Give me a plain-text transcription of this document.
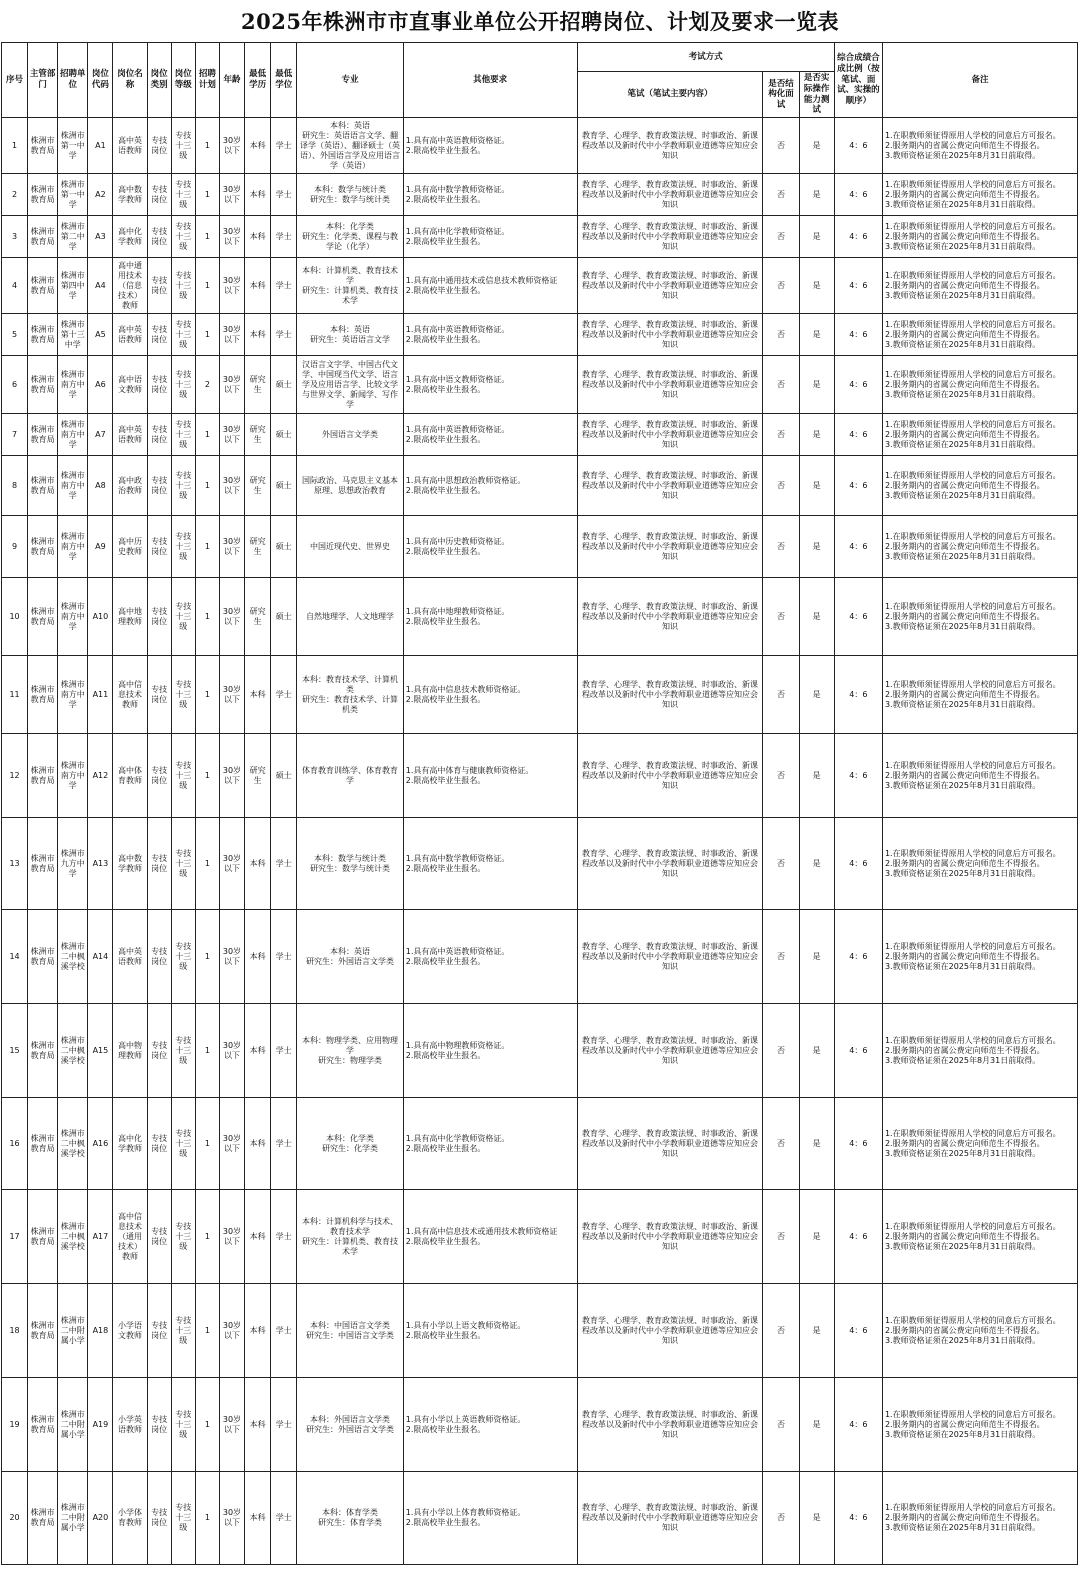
2025年株洲市市直事业单位公开招聘岗位、计划及要求一览表
序号	主管部门	招聘单位	岗位代码	岗位名称	岗位类别	岗位等级	招聘计划	年龄	最低学历	最低学位	专业	其他要求	考试方式			综合成绩合成比例（按笔试、面试、实操的顺序）	备注
													笔试（笔试主要内容）	是否结构化面试	是否实际操作能力测试		
1	株洲市教育局	株洲市第一中学	A1	高中英语教师	专技岗位	专技十三级	1	30岁以下	本科	学士	本科：英语
研究生：英语语言文学、翻译学（英语）、翻译硕士（英语）、外国语言学及应用语言学（英语）	1.具有高中英语教师资格证。
2.限高校毕业生报名。	教育学、心理学、教育政策法规、时事政治、新课程改革以及新时代中小学教师职业道德等应知应会知识	否	是	4：6	1.在职教师须征得原用人学校的同意后方可报名。
2.服务期内的省属公费定向师范生不得报名。
3.教师资格证须在2025年8月31日前取得。
2	株洲市教育局	株洲市第一中学	A2	高中数学教师	专技岗位	专技十三级	1	30岁以下	本科	学士	本科：数学与统计类
研究生：数学与统计类	1.具有高中数学教师资格证。
2.限高校毕业生报名。	教育学、心理学、教育政策法规、时事政治、新课程改革以及新时代中小学教师职业道德等应知应会知识	否	是	4：6	1.在职教师须征得原用人学校的同意后方可报名。
2.服务期内的省属公费定向师范生不得报名。
3.教师资格证须在2025年8月31日前取得。
3	株洲市教育局	株洲市第二中学	A3	高中化学教师	专技岗位	专技十三级	1	30岁以下	本科	学士	本科：化学类
研究生：化学类、课程与教学论（化学）	1.具有高中化学教师资格证。
2.限高校毕业生报名。	教育学、心理学、教育政策法规、时事政治、新课程改革以及新时代中小学教师职业道德等应知应会知识	否	是	4：6	1.在职教师须征得原用人学校的同意后方可报名。
2.服务期内的省属公费定向师范生不得报名。
3.教师资格证须在2025年8月31日前取得。
4	株洲市教育局	株洲市第四中学	A4	高中通用技术（信息技术）教师	专技岗位	专技十三级	1	30岁以下	本科	学士	本科：计算机类、教育技术学
研究生：计算机类、教育技术学	1.具有高中通用技术或信息技术教师资格证
2.限高校毕业生报名。	教育学、心理学、教育政策法规、时事政治、新课程改革以及新时代中小学教师职业道德等应知应会知识	否	是	4：6	1.在职教师须征得原用人学校的同意后方可报名。
2.服务期内的省属公费定向师范生不得报名。
3.教师资格证须在2025年8月31日前取得。
5	株洲市教育局	株洲市第十三中学	A5	高中英语教师	专技岗位	专技十三级	1	30岁以下	本科	学士	本科：英语
研究生：英语语言文学	1.具有高中英语教师资格证。
2.限高校毕业生报名。	教育学、心理学、教育政策法规、时事政治、新课程改革以及新时代中小学教师职业道德等应知应会知识	否	是	4：6	1.在职教师须征得原用人学校的同意后方可报名。
2.服务期内的省属公费定向师范生不得报名。
3.教师资格证须在2025年8月31日前取得。
6	株洲市教育局	株洲市南方中学	A6	高中语文教师	专技岗位	专技十三级	2	30岁以下	研究生	硕士	汉语言文字学、中国古代文学、中国现当代文学、语言学及应用语言学、比较文学与世界文学、新闻学、写作学	1.具有高中语文教师资格证。
2.限高校毕业生报名。	教育学、心理学、教育政策法规、时事政治、新课程改革以及新时代中小学教师职业道德等应知应会知识	否	是	4：6	1.在职教师须征得原用人学校的同意后方可报名。
2.服务期内的省属公费定向师范生不得报名。
3.教师资格证须在2025年8月31日前取得。
7	株洲市教育局	株洲市南方中学	A7	高中英语教师	专技岗位	专技十三级	1	30岁以下	研究生	硕士	外国语言文学类	1.具有高中英语教师资格证。
2.限高校毕业生报名。	教育学、心理学、教育政策法规、时事政治、新课程改革以及新时代中小学教师职业道德等应知应会知识	否	是	4：6	1.在职教师须征得原用人学校的同意后方可报名。
2.服务期内的省属公费定向师范生不得报名。
3.教师资格证须在2025年8月31日前取得。
8	株洲市教育局	株洲市南方中学	A8	高中政治教师	专技岗位	专技十三级	1	30岁以下	研究生	硕士	国际政治、马克思主义基本原理、思想政治教育	1.具有高中思想政治教师资格证。
2.限高校毕业生报名。	教育学、心理学、教育政策法规、时事政治、新课程改革以及新时代中小学教师职业道德等应知应会知识	否	是	4：6	1.在职教师须征得原用人学校的同意后方可报名。
2.服务期内的省属公费定向师范生不得报名。
3.教师资格证须在2025年8月31日前取得。
9	株洲市教育局	株洲市南方中学	A9	高中历史教师	专技岗位	专技十三级	1	30岁以下	研究生	硕士	中国近现代史、世界史	1.具有高中历史教师资格证。
2.限高校毕业生报名。	教育学、心理学、教育政策法规、时事政治、新课程改革以及新时代中小学教师职业道德等应知应会知识	否	是	4：6	1.在职教师须征得原用人学校的同意后方可报名。
2.服务期内的省属公费定向师范生不得报名。
3.教师资格证须在2025年8月31日前取得。
10	株洲市教育局	株洲市南方中学	A10	高中地理教师	专技岗位	专技十三级	1	30岁以下	研究生	硕士	自然地理学、人文地理学	1.具有高中地理教师资格证。
2.限高校毕业生报名。	教育学、心理学、教育政策法规、时事政治、新课程改革以及新时代中小学教师职业道德等应知应会知识	否	是	4：6	1.在职教师须征得原用人学校的同意后方可报名。
2.服务期内的省属公费定向师范生不得报名。
3.教师资格证须在2025年8月31日前取得。
11	株洲市教育局	株洲市南方中学	A11	高中信息技术教师	专技岗位	专技十三级	1	30岁以下	本科	学士	本科：教育技术学、计算机类
研究生：教育技术学、计算机类	1.具有高中信息技术教师资格证。
2.限高校毕业生报名。	教育学、心理学、教育政策法规、时事政治、新课程改革以及新时代中小学教师职业道德等应知应会知识	否	是	4：6	1.在职教师须征得原用人学校的同意后方可报名。
2.服务期内的省属公费定向师范生不得报名。
3.教师资格证须在2025年8月31日前取得。
12	株洲市教育局	株洲市南方中学	A12	高中体育教师	专技岗位	专技十三级	1	30岁以下	研究生	硕士	体育教育训练学、体育教育学	1.具有高中体育与健康教师资格证。
2.限高校毕业生报名。	教育学、心理学、教育政策法规、时事政治、新课程改革以及新时代中小学教师职业道德等应知应会知识	否	是	4：6	1.在职教师须征得原用人学校的同意后方可报名。
2.服务期内的省属公费定向师范生不得报名。
3.教师资格证须在2025年8月31日前取得。
13	株洲市教育局	株洲市九方中学	A13	高中数学教师	专技岗位	专技十三级	1	30岁以下	本科	学士	本科：数学与统计类
研究生：数学与统计类	1.具有高中数学教师资格证。
2.限高校毕业生报名。	教育学、心理学、教育政策法规、时事政治、新课程改革以及新时代中小学教师职业道德等应知应会知识	否	是	4：6	1.在职教师须征得原用人学校的同意后方可报名。
2.服务期内的省属公费定向师范生不得报名。
3.教师资格证须在2025年8月31日前取得。
14	株洲市教育局	株洲市二中枫溪学校	A14	高中英语教师	专技岗位	专技十三级	1	30岁以下	本科	学士	本科：英语
研究生：外国语言文学类	1.具有高中英语教师资格证。
2.限高校毕业生报名。	教育学、心理学、教育政策法规、时事政治、新课程改革以及新时代中小学教师职业道德等应知应会知识	否	是	4：6	1.在职教师须征得原用人学校的同意后方可报名。
2.服务期内的省属公费定向师范生不得报名。
3.教师资格证须在2025年8月31日前取得。
15	株洲市教育局	株洲市二中枫溪学校	A15	高中物理教师	专技岗位	专技十三级	1	30岁以下	本科	学士	本科：物理学类、应用物理学
研究生：物理学类	1.具有高中物理教师资格证。
2.限高校毕业生报名。	教育学、心理学、教育政策法规、时事政治、新课程改革以及新时代中小学教师职业道德等应知应会知识	否	是	4：6	1.在职教师须征得原用人学校的同意后方可报名。
2.服务期内的省属公费定向师范生不得报名。
3.教师资格证须在2025年8月31日前取得。
16	株洲市教育局	株洲市二中枫溪学校	A16	高中化学教师	专技岗位	专技十三级	1	30岁以下	本科	学士	本科：化学类
研究生：化学类	1.具有高中化学教师资格证。
2.限高校毕业生报名。	教育学、心理学、教育政策法规、时事政治、新课程改革以及新时代中小学教师职业道德等应知应会知识	否	是	4：6	1.在职教师须征得原用人学校的同意后方可报名。
2.服务期内的省属公费定向师范生不得报名。
3.教师资格证须在2025年8月31日前取得。
17	株洲市教育局	株洲市二中枫溪学校	A17	高中信息技术（通用技术）教师	专技岗位	专技十三级	1	30岁以下	本科	学士	本科：计算机科学与技术、教育技术学
研究生：计算机类、教育技术学	1.具有高中信息技术或通用技术教师资格证
2.限高校毕业生报名。	教育学、心理学、教育政策法规、时事政治、新课程改革以及新时代中小学教师职业道德等应知应会知识	否	是	4：6	1.在职教师须征得原用人学校的同意后方可报名。
2.服务期内的省属公费定向师范生不得报名。
3.教师资格证须在2025年8月31日前取得。
18	株洲市教育局	株洲市二中附属小学	A18	小学语文教师	专技岗位	专技十三级	1	30岁以下	本科	学士	本科：中国语言文学类
研究生：中国语言文学类	1.具有小学以上语文教师资格证。
2.限高校毕业生报名。	教育学、心理学、教育政策法规、时事政治、新课程改革以及新时代中小学教师职业道德等应知应会知识	否	是	4：6	1.在职教师须征得原用人学校的同意后方可报名。
2.服务期内的省属公费定向师范生不得报名。
3.教师资格证须在2025年8月31日前取得。
19	株洲市教育局	株洲市二中附属小学	A19	小学英语教师	专技岗位	专技十三级	1	30岁以下	本科	学士	本科：外国语言文学类
研究生：外国语言文学类	1.具有小学以上英语教师资格证。
2.限高校毕业生报名。	教育学、心理学、教育政策法规、时事政治、新课程改革以及新时代中小学教师职业道德等应知应会知识	否	是	4：6	1.在职教师须征得原用人学校的同意后方可报名。
2.服务期内的省属公费定向师范生不得报名。
3.教师资格证须在2025年8月31日前取得。
20	株洲市教育局	株洲市二中附属小学	A20	小学体育教师	专技岗位	专技十三级	1	30岁以下	本科	学士	本科：体育学类
研究生：体育学类	1.具有小学以上体育教师资格证。
2.限高校毕业生报名。	教育学、心理学、教育政策法规、时事政治、新课程改革以及新时代中小学教师职业道德等应知应会知识	否	是	4：6	1.在职教师须征得原用人学校的同意后方可报名。
2.服务期内的省属公费定向师范生不得报名。
3.教师资格证须在2025年8月31日前取得。
